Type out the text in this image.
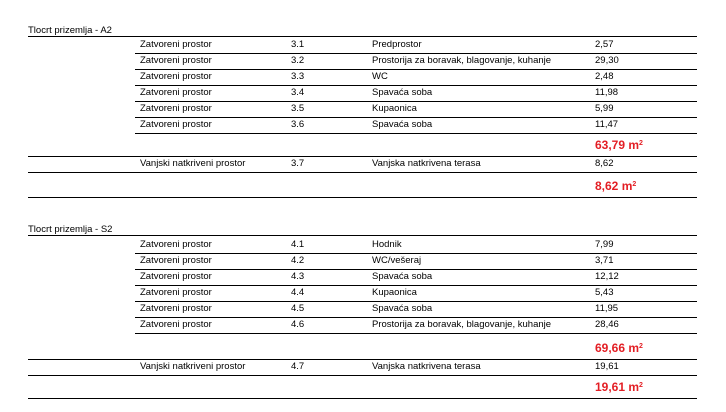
Tlocrt prizemlja - A2
Zatvoreni prostor	3.1	Predprostor	2,57
Zatvoreni prostor	3.2	Prostorija za boravak, blagovanje, kuhanje	29,30
Zatvoreni prostor	3.3	WC	2,48
Zatvoreni prostor	3.4	Spavaća soba	11,98
Zatvoreni prostor	3.5	Kupaonica	5,99
Zatvoreni prostor	3.6	Spavaća soba	11,47
63,79 $m^2$
Vanjski natkriveni prostor	3.7	Vanjska natkrivena terasa	8,62
8,62 $m^2$
Tlocrt prizemlja - S2
Zatvoreni prostor	4.1	Hodnik	7,99
Zatvoreni prostor	4.2	WC/vešeraj	3,71
Zatvoreni prostor	4.3	Spavaća soba	12,12
Zatvoreni prostor	4.4	Kupaonica	5,43
Zatvoreni prostor	4.5	Spavaća soba	11,95
Zatvoreni prostor	4.6	Prostorija za boravak, blagovanje, kuhanje	28,46
69,66 $m^2$
Vanjski natkriveni prostor	4.7	Vanjska natkrivena terasa	19,61
19,61 $m^2$
